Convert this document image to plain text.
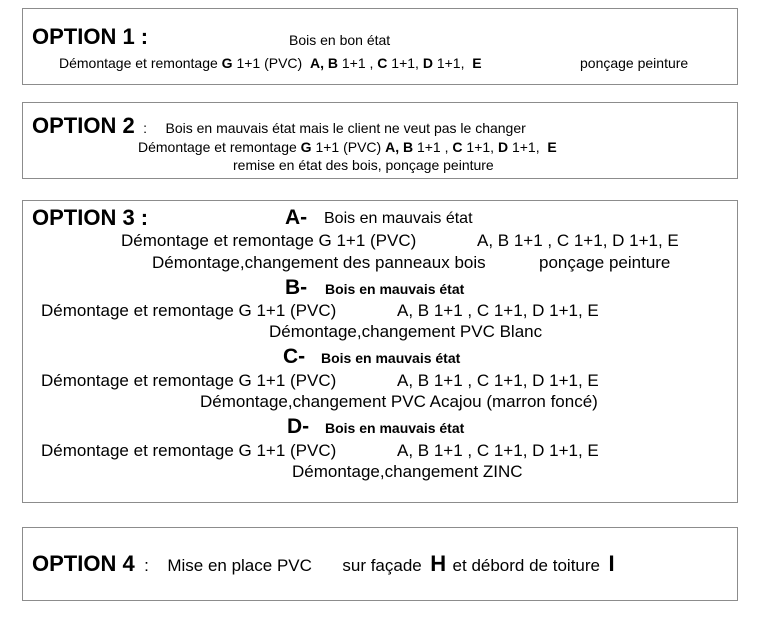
OPTION 1 :	Bois en bon état
Démontage et remontage G 1+1 (PVC) A, B 1+1 , C 1+1, D 1+1, E	ponçage peinture
OPTION 2 : Bois en mauvais état mais le client ne veut pas le changer
Démontage et remontage G 1+1 (PVC) A, B 1+1 , C 1+1, D 1+1, E
remise en état des bois, ponçage peinture
OPTION 3 :	A- Bois en mauvais état
Démontage et remontage G 1+1 (PVC)	A, B 1+1 , C 1+1, D 1+1, E
Démontage,changement des panneaux bois	ponçage peinture
B- Bois en mauvais état
Démontage et remontage G 1+1 (PVC)	A, B 1+1 , C 1+1, D 1+1, E
Démontage,changement PVC Blanc
C- Bois en mauvais état
Démontage et remontage G 1+1 (PVC)	A, B 1+1 , C 1+1, D 1+1, E
Démontage,changement PVC Acajou (marron foncé)
D- Bois en mauvais état
Démontage et remontage G 1+1 (PVC)	A, B 1+1 , C 1+1, D 1+1, E
Démontage,changement ZINC
OPTION 4 : Mise en place PVC sur façade H et débord de toiture I
